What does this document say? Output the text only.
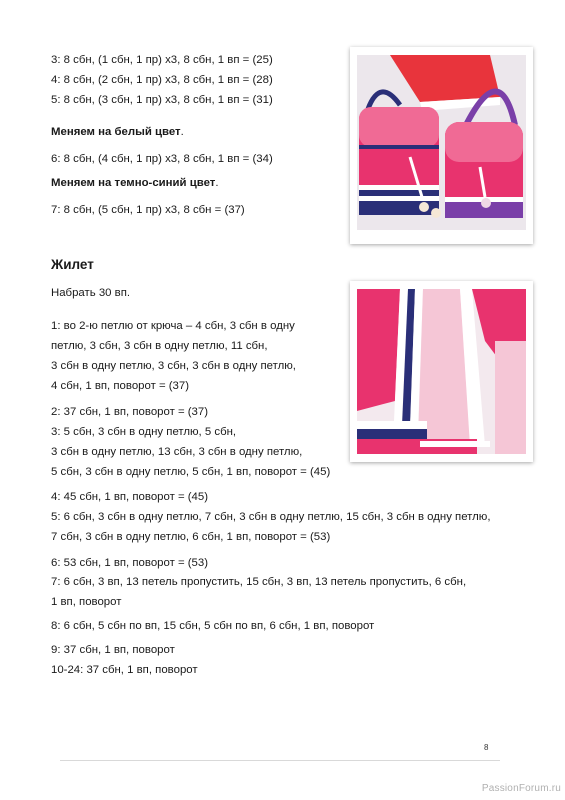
3: 8 сбн, (1 сбн, 1 пр) х3, 8 сбн, 1 вп = (25)
4: 8 сбн, (2 сбн, 1 пр) х3, 8 сбн, 1 вп = (28)
5: 8 сбн, (3 сбн, 1 пр) х3, 8 сбн, 1 вп = (31)
Меняем на белый цвет.
6: 8 сбн, (4 сбн, 1 пр) х3, 8 сбн, 1 вп = (34)
Меняем на темно-синий цвет.
7: 8 сбн, (5 сбн, 1 пр) х3, 8 сбн = (37)
Жилет
Набрать 30 вп.
1: во 2-ю петлю от крюча – 4 сбн, 3 сбн в одну
петлю, 3 сбн, 3 сбн в одну петлю, 11 сбн,
3 сбн в одну петлю, 3 сбн, 3 сбн в одну петлю,
4 сбн, 1 вп, поворот = (37)
2: 37 сбн, 1 вп, поворот = (37)
3: 5 сбн, 3 сбн в одну петлю, 5 сбн,
3 сбн в одну петлю, 13 сбн, 3 сбн в одну петлю,
5 сбн, 3 сбн в одну петлю, 5 сбн, 1 вп, поворот = (45)
4: 45 сбн, 1 вп, поворот = (45)
5: 6 сбн, 3 сбн в одну петлю, 7 сбн, 3 сбн в одну петлю, 15 сбн, 3 сбн в одну петлю,
7 сбн, 3 сбн в одну петлю, 6 сбн, 1 вп, поворот = (53)
6: 53 сбн, 1 вп, поворот = (53)
7: 6 сбн, 3 вп, 13 петель пропустить, 15 сбн, 3 вп, 13 петель пропустить, 6 сбн,
1 вп, поворот
8: 6 сбн, 5 сбн по вп, 15 сбн, 5 сбн по вп, 6 сбн, 1 вп, поворот
9: 37 сбн, 1 вп, поворот
10-24: 37 сбн, 1 вп, поворот
8
PassionForum.ru
